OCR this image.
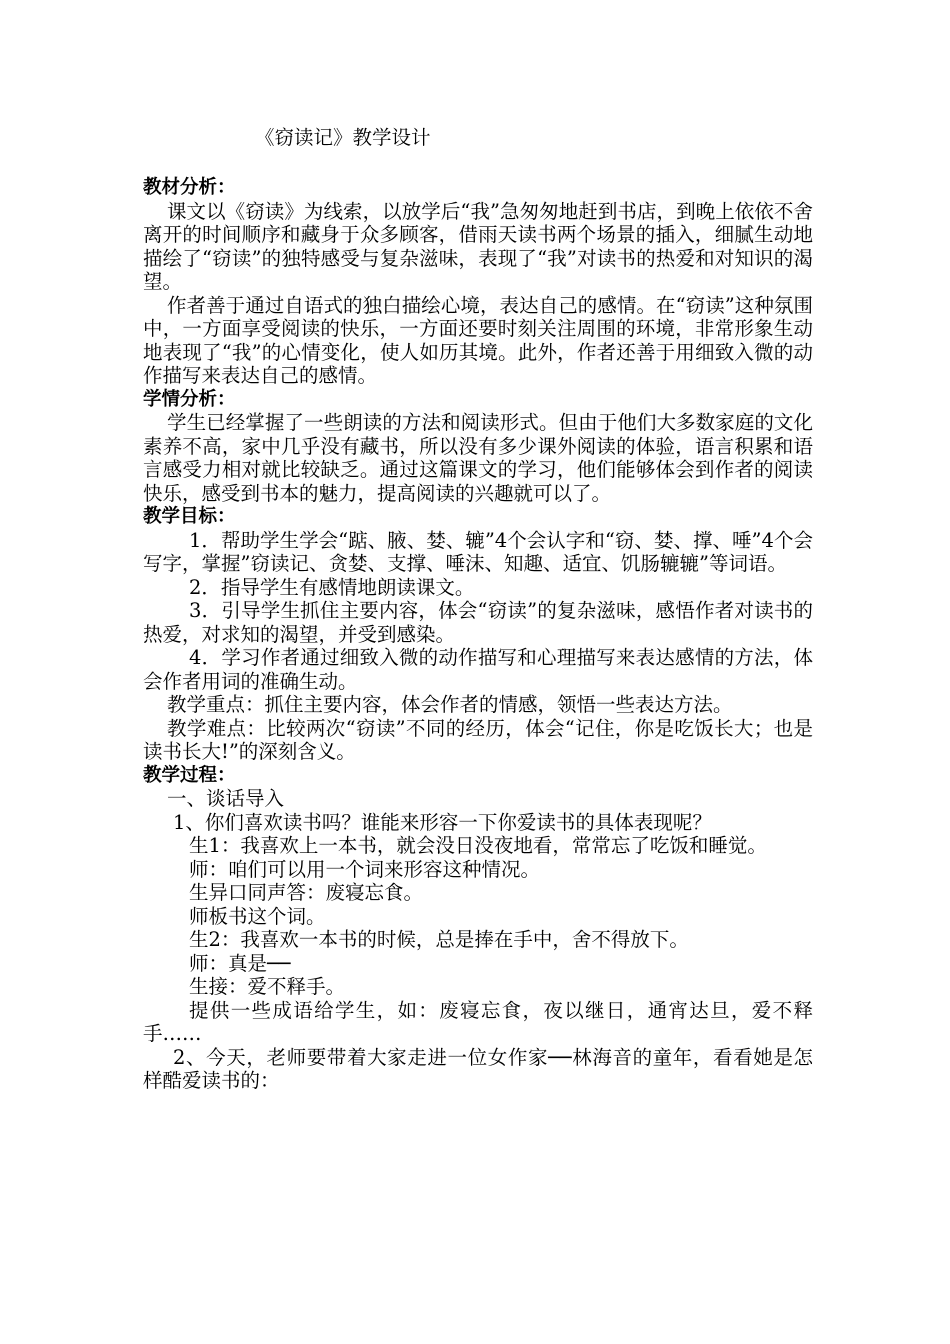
《窃读记》教学设计
教材分析：
课文以《窃读》为线索，以放学后“我”急匆匆地赶到书店，到晚上依依不舍离开的时间顺序和藏身于众多顾客，借雨天读书两个场景的插入，细腻生动地描绘了“窃读”的独特感受与复杂滋味，表现了“我”对读书的热爱和对知识的渴望。
作者善于通过自语式的独白描绘心境，表达自己的感情。在“窃读”这种氛围中，一方面享受阅读的快乐，一方面还要时刻关注周围的环境，非常形象生动地表现了“我”的心情变化，使人如历其境。此外，作者还善于用细致入微的动作描写来表达自己的感情。
学情分析：
学生已经掌握了一些朗读的方法和阅读形式。但由于他们大多数家庭的文化素养不高，家中几乎没有藏书，所以没有多少课外阅读的体验，语言积累和语言感受力相对就比较缺乏。通过这篇课文的学习，他们能够体会到作者的阅读快乐，感受到书本的魅力，提高阅读的兴趣就可以了。
教学目标：
1．帮助学生学会“踮、腋、婪、辘”4个会认字和“窃、婪、撑、唾”4个会写字，掌握”窃读记、贪婪、支撑、唾沫、知趣、适宜、饥肠辘辘”等词语。
2．指导学生有感情地朗读课文。
3．引导学生抓住主要内容，体会“窃读”的复杂滋味，感悟作者对读书的热爱，对求知的渴望，并受到感染。
4．学习作者通过细致入微的动作描写和心理描写来表达感情的方法，体会作者用词的准确生动。
教学重点：抓住主要内容，体会作者的情感，领悟一些表达方法。
教学难点：比较两次“窃读”不同的经历，体会“记住，你是吃饭长大；也是读书长大!”的深刻含义。
教学过程：
一、谈话导入
1、你们喜欢读书吗？谁能来形容一下你爱读书的具体表现呢？
生1：我喜欢上一本书，就会没日没夜地看，常常忘了吃饭和睡觉。
师：咱们可以用一个词来形容这种情况。
生异口同声答：废寝忘食。
师板书这个词。
生2：我喜欢一本书的时候，总是捧在手中，舍不得放下。
师：真是──
生接：爱不释手。
提供一些成语给学生，如：废寝忘食，夜以继日，通宵达旦，爱不释手……
2、今天，老师要带着大家走进一位女作家──林海音的童年，看看她是怎样酷爱读书的：
